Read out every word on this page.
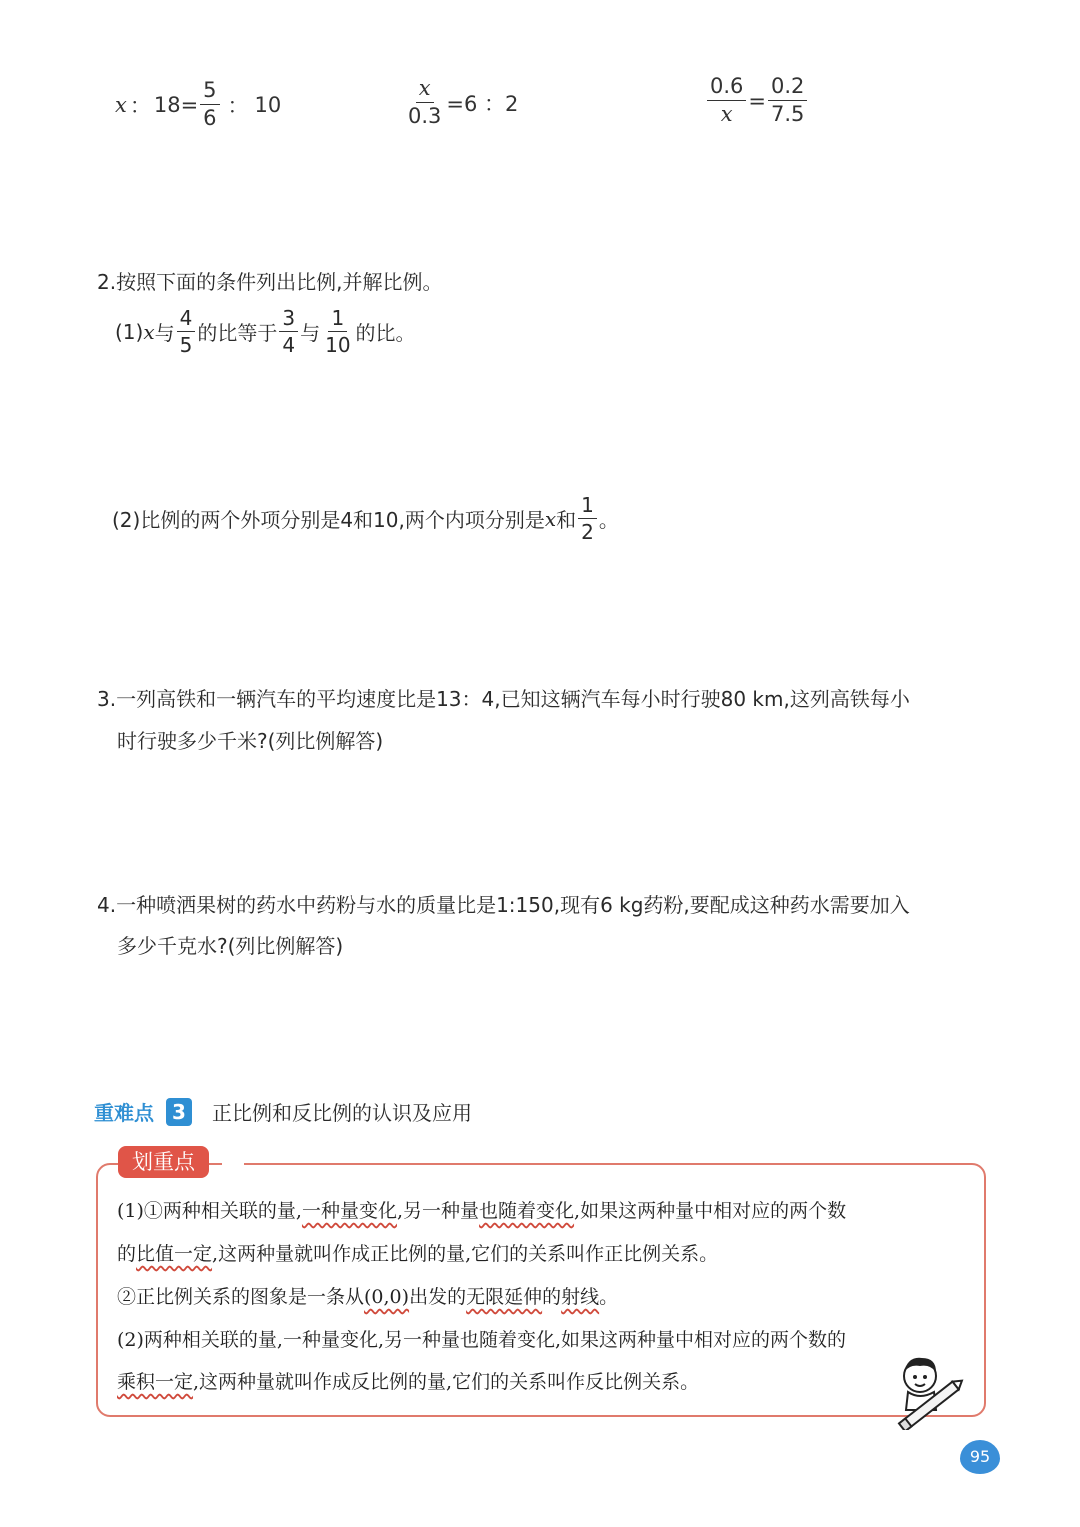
x ： $18= \frac{5}{6}$ ： 10	$\frac{x}{0.3} =6$ ：2	$\frac{0.6}{x} = \frac{0.2}{7.5}$
2.按照下面的条件列出比例,并解比例。
(1) x 与 $\frac{4}{5}$ 的比等于 $\frac{3}{4}$ 与 $\frac{1}{10}$ 的比。
(2)比例的两个外项分别是4和10,两个内项分别是 x 和 $\frac{1}{2}$ 。
3.一列高铁和一辆汽车的平均速度比是13：4,已知这辆汽车每小时行驶80 km,这列高铁每小
时行驶多少千米?(列比例解答)
4.一种喷洒果树的药水中药粉与水的质量比是1:150,现有6 kg药粉,要配成这种药水需要加入
多少千克水?(列比例解答)
重难点 3	正比例和反比例的认识及应用
划重点
(1)①两种相关联的量,一种量变化,另一种量也随着变化,如果这两种量中相对应的两个数
的比值一定,这两种量就叫作成正比例的量,它们的关系叫作正比例关系。
②正比例关系的图象是一条从(0,0)出发的无限延伸的射线。
(2)两种相关联的量,一种量变化,另一种量也随着变化,如果这两种量中相对应的两个数的
乘积一定,这两种量就叫作成反比例的量,它们的关系叫作反比例关系。
95
